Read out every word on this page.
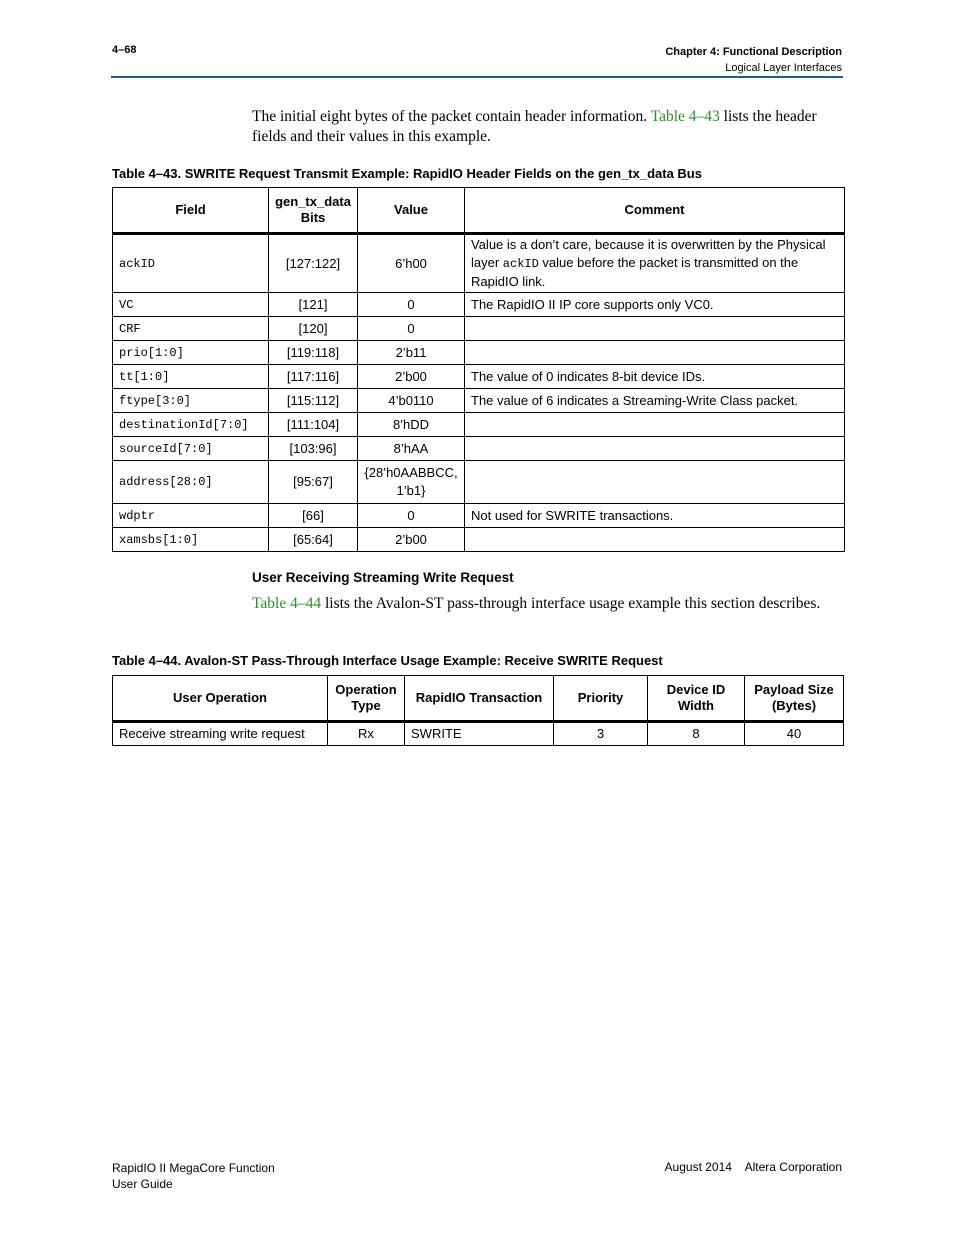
4–68	Chapter 4: Functional Description
Logical Layer Interfaces
The initial eight bytes of the packet contain header information. Table 4–43 lists the header fields and their values in this example.
Table 4–43. SWRITE Request Transmit Example: RapidIO Header Fields on the gen_tx_data Bus
Field	gen_tx_data Bits	Value	Comment
ackID	[127:122]	6’h00	Value is a don’t care, because it is overwritten by the Physical layer ackID value before the packet is transmitted on the RapidIO link.
VC	[121]	0	The RapidIO II IP core supports only VC0.
CRF	[120]	0	
prio[1:0]	[119:118]	2’b11	
tt[1:0]	[117:116]	2’b00	The value of 0 indicates 8-bit device IDs.
ftype[3:0]	[115:112]	4’b0110	The value of 6 indicates a Streaming-Write Class packet.
destinationId[7:0]	[111:104]	8’hDD	
sourceId[7:0]	[103:96]	8’hAA	
address[28:0]	[95:67]	{28’h0AABBCC, 1’b1}	
wdptr	[66]	0	Not used for SWRITE transactions.
xamsbs[1:0]	[65:64]	2’b00	
User Receiving Streaming Write Request
Table 4–44 lists the Avalon-ST pass-through interface usage example this section describes.
Table 4–44. Avalon-ST Pass-Through Interface Usage Example: Receive SWRITE Request
User Operation	Operation Type	RapidIO Transaction	Priority	Device ID Width	Payload Size (Bytes)
Receive streaming write request	Rx	SWRITE	3	8	40
RapidIO II MegaCore Function
User Guide
August 2014    Altera Corporation
